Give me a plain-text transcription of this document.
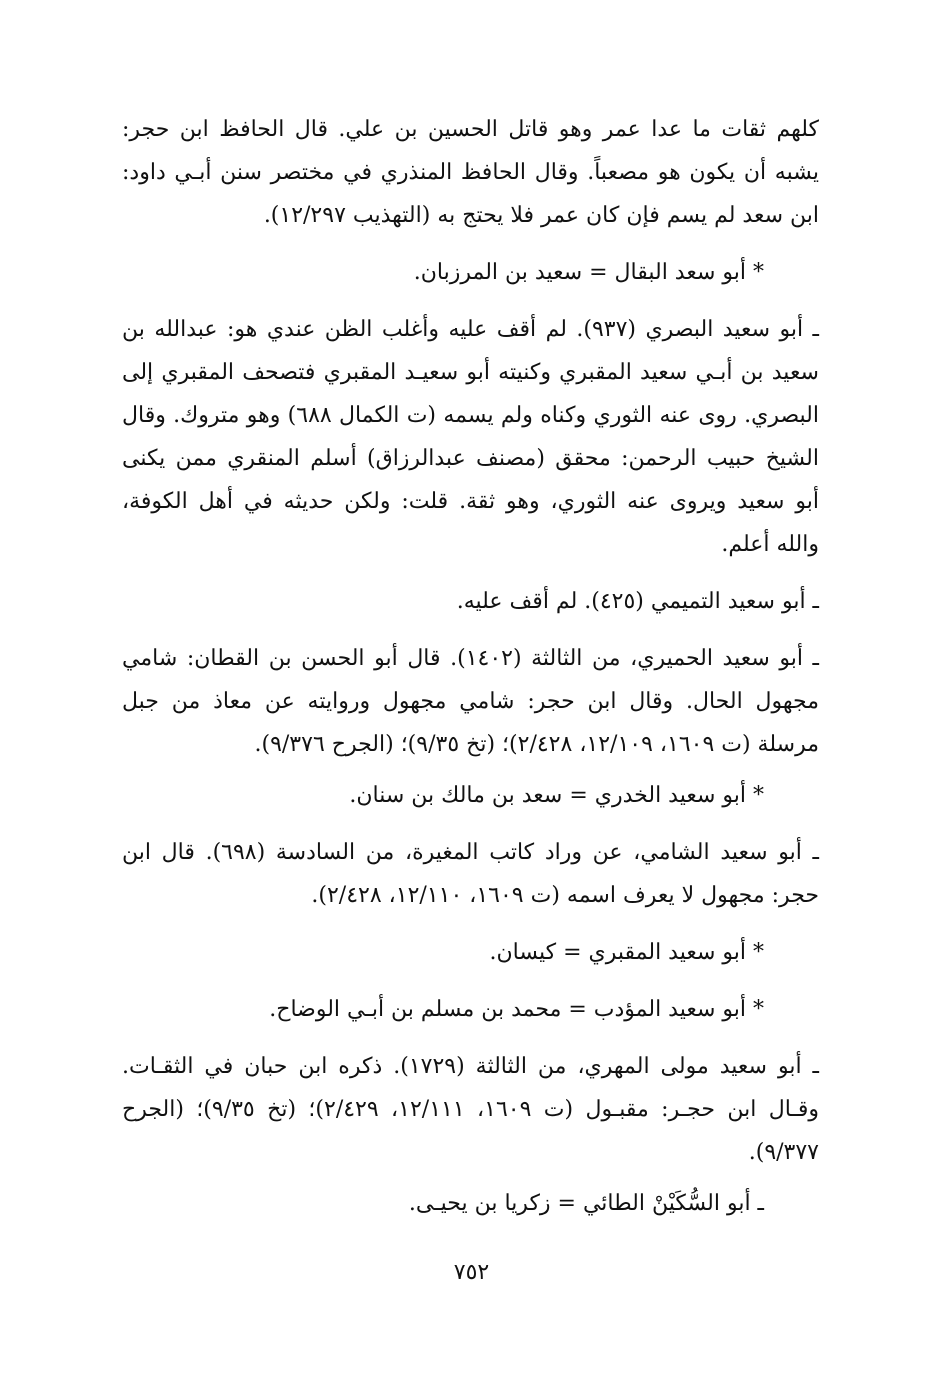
كلهم ثقات ما عدا عمر وهو قاتل الحسين بن علي. قال الحافظ ابن حجر: يشبه أن يكون هو مصعباً. وقال الحافظ المنذري في مختصر سنن أبـي داود: ابن سعد لم يسم فإن كان عمر فلا يحتج به (التهذيب ١٢/٢٩٧).

* أبو سعد البقال = سعيد بن المرزبان.

ـ أبو سعيد البصري (٩٣٧). لم أقف عليه وأغلب الظن عندي هو: عبدالله بن سعيد بن أبـي سعيد المقبري وكنيته أبو سعيـد المقبري فتصحف المقبري إلى البصري. روى عنه الثوري وكناه ولم يسمه (ت الكمال ٦٨٨) وهو متروك. وقال الشيخ حبيب الرحمن: محقق (مصنف عبدالرزاق) أسلم المنقري ممن يكنى أبو سعيد ويروى عنه الثوري، وهو ثقة. قلت: ولكن حديثه في أهل الكوفة، والله أعلم.

ـ أبو سعيد التميمي (٤٢٥). لم أقف عليه.

ـ أبو سعيد الحميري، من الثالثة (١٤٠٢). قال أبو الحسن بن القطان: شامي مجهول الحال. وقال ابن حجر: شامي مجهول وروايته عن معاذ من جبل مرسلة (ت ١٦٠٩، ١٢/١٠٩، ٢/٤٢٨)؛ (تخ ٩/٣٥)؛ (الجرح ٩/٣٧٦).

* أبو سعيد الخدري = سعد بن مالك بن سنان.

ـ أبو سعيد الشامي، عن وراد كاتب المغيرة، من السادسة (٦٩٨). قال ابن حجر: مجهول لا يعرف اسمه (ت ١٦٠٩، ١٢/١١٠، ٢/٤٢٨).

* أبو سعيد المقبري = كيسان.

* أبو سعيد المؤدب = محمد بن مسلم بن أبـي الوضاح.

ـ أبو سعيد مولى المهري، من الثالثة (١٧٢٩). ذكره ابن حبان في الثقـات. وقـال ابن حجـر: مقبـول (ت ١٦٠٩، ١٢/١١١، ٢/٤٢٩)؛ (تخ ٩/٣٥)؛ (الجرح ٩/٣٧٧).

ـ أبو السُّكَيْنْ الطائي = زكريا بن يحيـى.

٧٥٢
